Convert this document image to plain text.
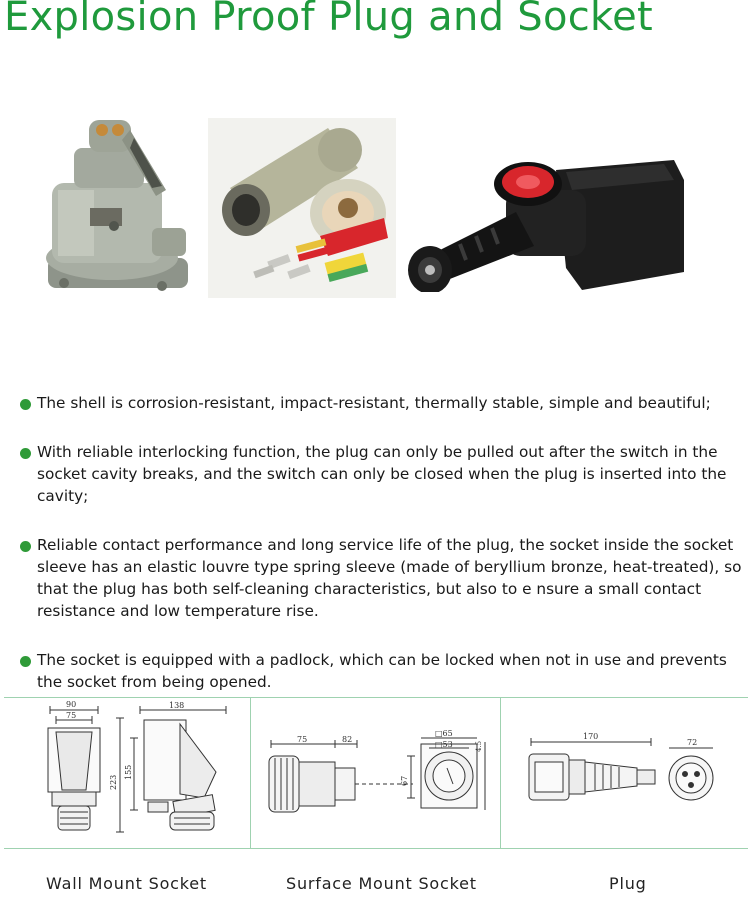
Explosion Proof Plug and Socket
The shell is corrosion-resistant, impact-resistant, thermally stable, simple and beautiful;
With reliable interlocking function, the plug can only be pulled out after the switch in the socket cavity breaks, and the switch can only be closed when the plug is inserted into the cavity;
Reliable contact performance and long service life of the plug, the socket inside the socket sleeve has an elastic louvre type spring sleeve (made of beryllium bronze, heat-treated), so that the plug has both self-cleaning characteristics, but also to e nsure a small contact resistance and low temperature rise.
The socket is equipped with a padlock, which can be locked when not in use and prevents the socket from being opened.
90
75
138
223
155
75	82
□65
□53	4.5
67
170
72
Wall Mount Socket	Surface Mount Socket	Plug
